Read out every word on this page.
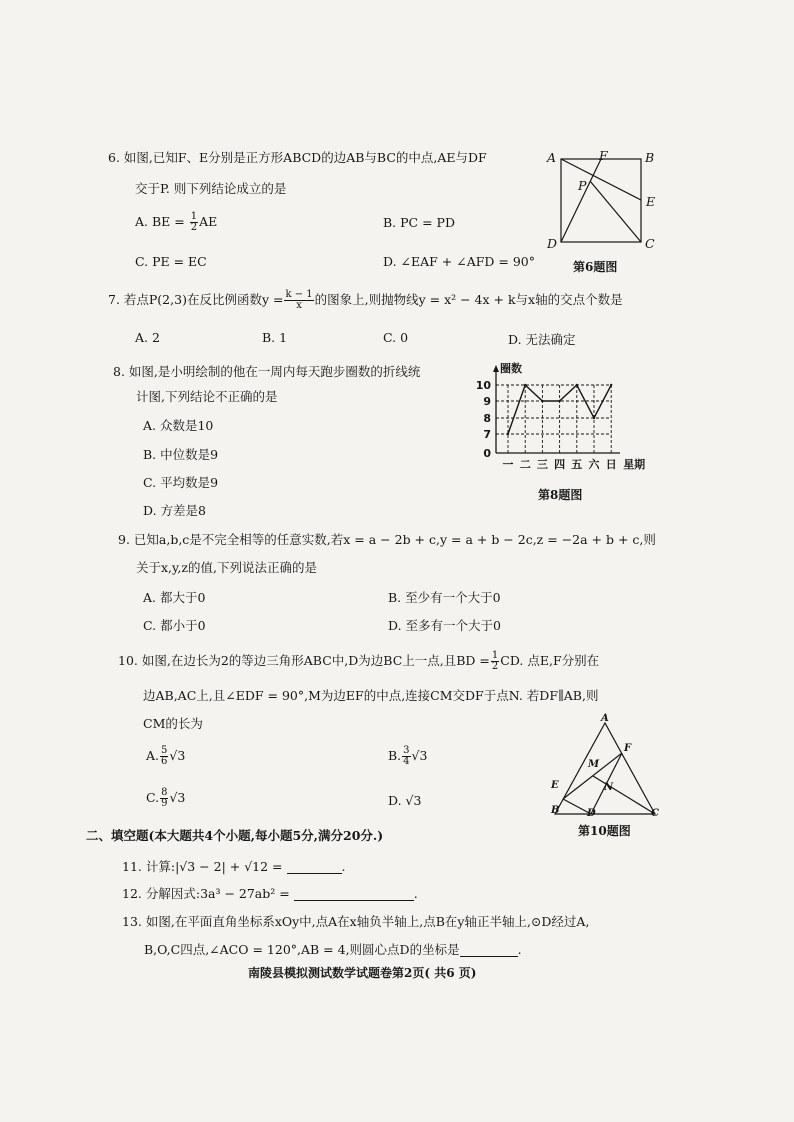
6. 如图,已知F、E分别是正方形ABCD的边AB与BC的中点,AE与DF
交于P. 则下列结论成立的是
A. BE = $\frac{1}{2}$ AE	B. PC = PD
C. PE = EC	D. ∠EAF + ∠AFD = 90°
A	F	B
P
E
D	C
第6题图
7. 若点P(2,3)在反比例函数$y = \frac{k - 1}{x}$ 的图象上,则抛物线y = x² − 4x + k与x轴的交点个数是
A. 2	B. 1	C. 0	D. 无法确定
8. 如图,是小明绘制的他在一周内每天跑步圈数的折线统
计图,下列结论不正确的是
A. 众数是10
B. 中位数是9
C. 平均数是9
D. 方差是8
0
7
8
9
10
圈数
一 二 三 四 五 六 日 星期
第8题图
9. 已知a,b,c是不完全相等的任意实数,若x = a − 2b + c,y = a + b − 2c,z = −2a + b + c,则
关于x,y,z的值,下列说法正确的是
A. 都大于0	B. 至少有一个大于0
C. 都小于0	D. 至多有一个大于0
10. 如图,在边长为2的等边三角形ABC中,D为边BC上一点,且BD = $\frac{1}{2}$ CD. 点E,F分别在
边AB,AC上,且∠EDF = 90°,M为边EF的中点,连接CM交DF于点N. 若DF∥AB,则
CM的长为
A. $\frac{5}{6} √3$	B. $\frac{3}{4} √3$
C. $\frac{8}{9} √3$	D. √3
A
F
M
E	N
B	D	C
第10题图
二、填空题(本大题共4个小题,每小题5分,满分20分.)
11. 计算:|√3 − 2| + √12 =	.
12. 分解因式:3a³ − 27ab² =	.
13. 如图,在平面直角坐标系xOy中,点A在x轴负半轴上,点B在y轴正半轴上,⊙D经过A,
B,O,C四点,∠ACO = 120°,AB = 4,则圆心点D的坐标是	.
南陵县模拟测试数学试题卷第2页( 共6 页)
